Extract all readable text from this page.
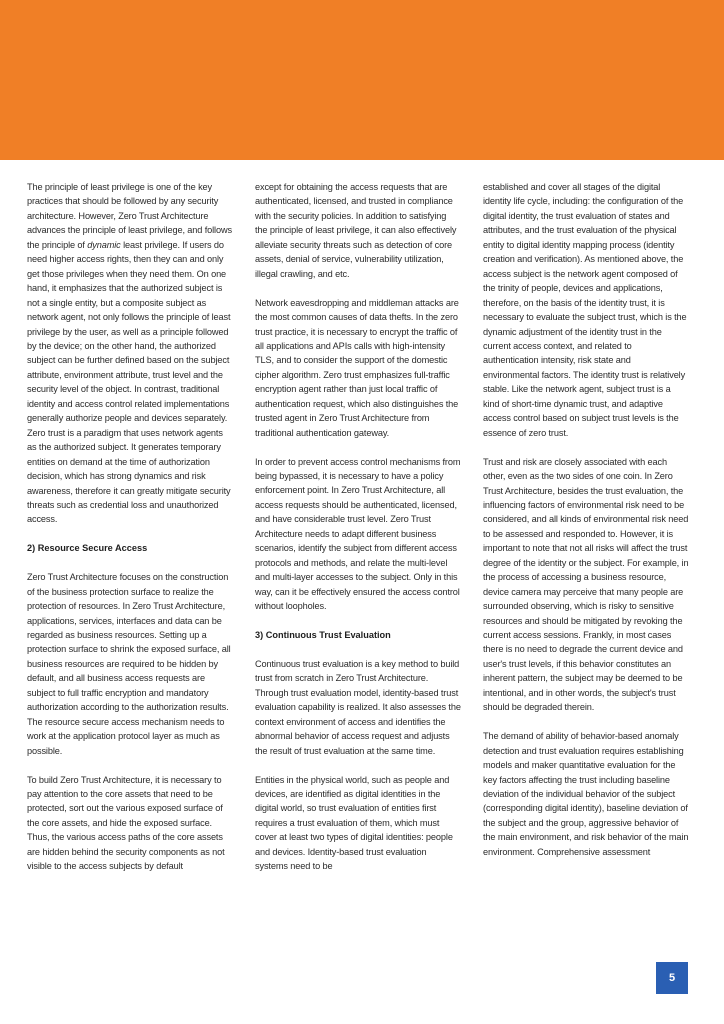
The principle of least privilege is one of the key practices that should be followed by any security architecture. However, Zero Trust Architecture advances the principle of least privilege, and follows the principle of dynamic least privilege. If users do need higher access rights, then they can and only get those privileges when they need them. On one hand, it emphasizes that the authorized subject is not a single entity, but a composite subject as network agent, not only follows the principle of least privilege by the user, as well as a principle followed by the device; on the other hand, the authorized subject can be further defined based on the subject attribute, environment attribute, trust level and the security level of the object. In contrast, traditional identity and access control related implementations generally authorize people and devices separately. Zero trust is a paradigm that uses network agents as the authorized subject. It generates temporary entities on demand at the time of authorization decision, which has strong dynamics and risk awareness, therefore it can greatly mitigate security threats such as credential loss and unauthorized access.

2) Resource Secure Access

Zero Trust Architecture focuses on the construction of the business protection surface to realize the protection of resources. In Zero Trust Architecture, applications, services, interfaces and data can be regarded as business resources. Setting up a protection surface to shrink the exposed surface, all business resources are required to be hidden by default, and all business access requests are subject to full traffic encryption and mandatory authorization according to the authorization results. The resource secure access mechanism needs to work at the application protocol layer as much as possible.

To build Zero Trust Architecture, it is necessary to pay attention to the core assets that need to be protected, sort out the various exposed surface of the core assets, and hide the exposed surface. Thus, the various access paths of the core assets are hidden behind the security components as not visible to the access subjects by default

except for obtaining the access requests that are authenticated, licensed, and trusted in compliance with the security policies. In addition to satisfying the principle of least privilege, it can also effectively alleviate security threats such as detection of core assets, denial of service, vulnerability utilization, illegal crawling, and etc.

Network eavesdropping and middleman attacks are the most common causes of data thefts. In the zero trust practice, it is necessary to encrypt the traffic of all applications and APIs calls with high-intensity TLS, and to consider the support of the domestic cipher algorithm. Zero trust emphasizes full-traffic encryption agent rather than just local traffic of authentication request, which also distinguishes the trusted agent in Zero Trust Architecture from traditional authentication gateway.

In order to prevent access control mechanisms from being bypassed, it is necessary to have a policy enforcement point. In Zero Trust Architecture, all access requests should be authenticated, licensed, and have considerable trust level. Zero Trust Architecture needs to adapt different business scenarios, identify the subject from different access protocols and methods, and relate the multi-level and multi-layer accesses to the subject. Only in this way, can it be effectively ensured the access control without loopholes.

3) Continuous Trust Evaluation

Continuous trust evaluation is a key method to build trust from scratch in Zero Trust Architecture. Through trust evaluation model, identity-based trust evaluation capability is realized. It also assesses the context environment of access and identifies the abnormal behavior of access request and adjusts the result of trust evaluation at the same time.

Entities in the physical world, such as people and devices, are identified as digital identities in the digital world, so trust evaluation of entities first requires a trust evaluation of them, which must cover at least two types of digital identities: people and devices. Identity-based trust evaluation systems need to be

established and cover all stages of the digital identity life cycle, including: the configuration of the digital identity, the trust evaluation of states and attributes, and the trust evaluation of the physical entity to digital identity mapping process (identity creation and verification). As mentioned above, the access subject is the network agent composed of the trinity of people, devices and applications, therefore, on the basis of the identity trust, it is necessary to evaluate the subject trust, which is the dynamic adjustment of the identity trust in the current access context, and related to authentication intensity, risk state and environmental factors. The identity trust is relatively stable. Like the network agent, subject trust is a kind of short-time dynamic trust, and adaptive access control based on subject trust levels is the essence of zero trust.

Trust and risk are closely associated with each other, even as the two sides of one coin. In Zero Trust Architecture, besides the trust evaluation, the influencing factors of environmental risk need to be considered, and all kinds of environmental risk need to be assessed and responded to. However, it is important to note that not all risks will affect the trust degree of the identity or the subject. For example, in the process of accessing a business resource, device camera may perceive that many people are surrounded observing, which is risky to sensitive resources and should be mitigated by revoking the current access sessions. Frankly, in most cases there is no need to degrade the current device and user's trust levels, if this behavior constitutes an inherent pattern, the subject may be deemed to be intentional, and in other words, the subject's trust should be degraded therein.

The demand of ability of behavior-based anomaly detection and trust evaluation requires establishing models and maker quantitative evaluation for the key factors affecting the trust including baseline deviation of the individual behavior of the subject (corresponding digital identity), baseline deviation of the subject and the group, aggressive behavior of the main environment, and risk behavior of the main environment. Comprehensive assessment

5
